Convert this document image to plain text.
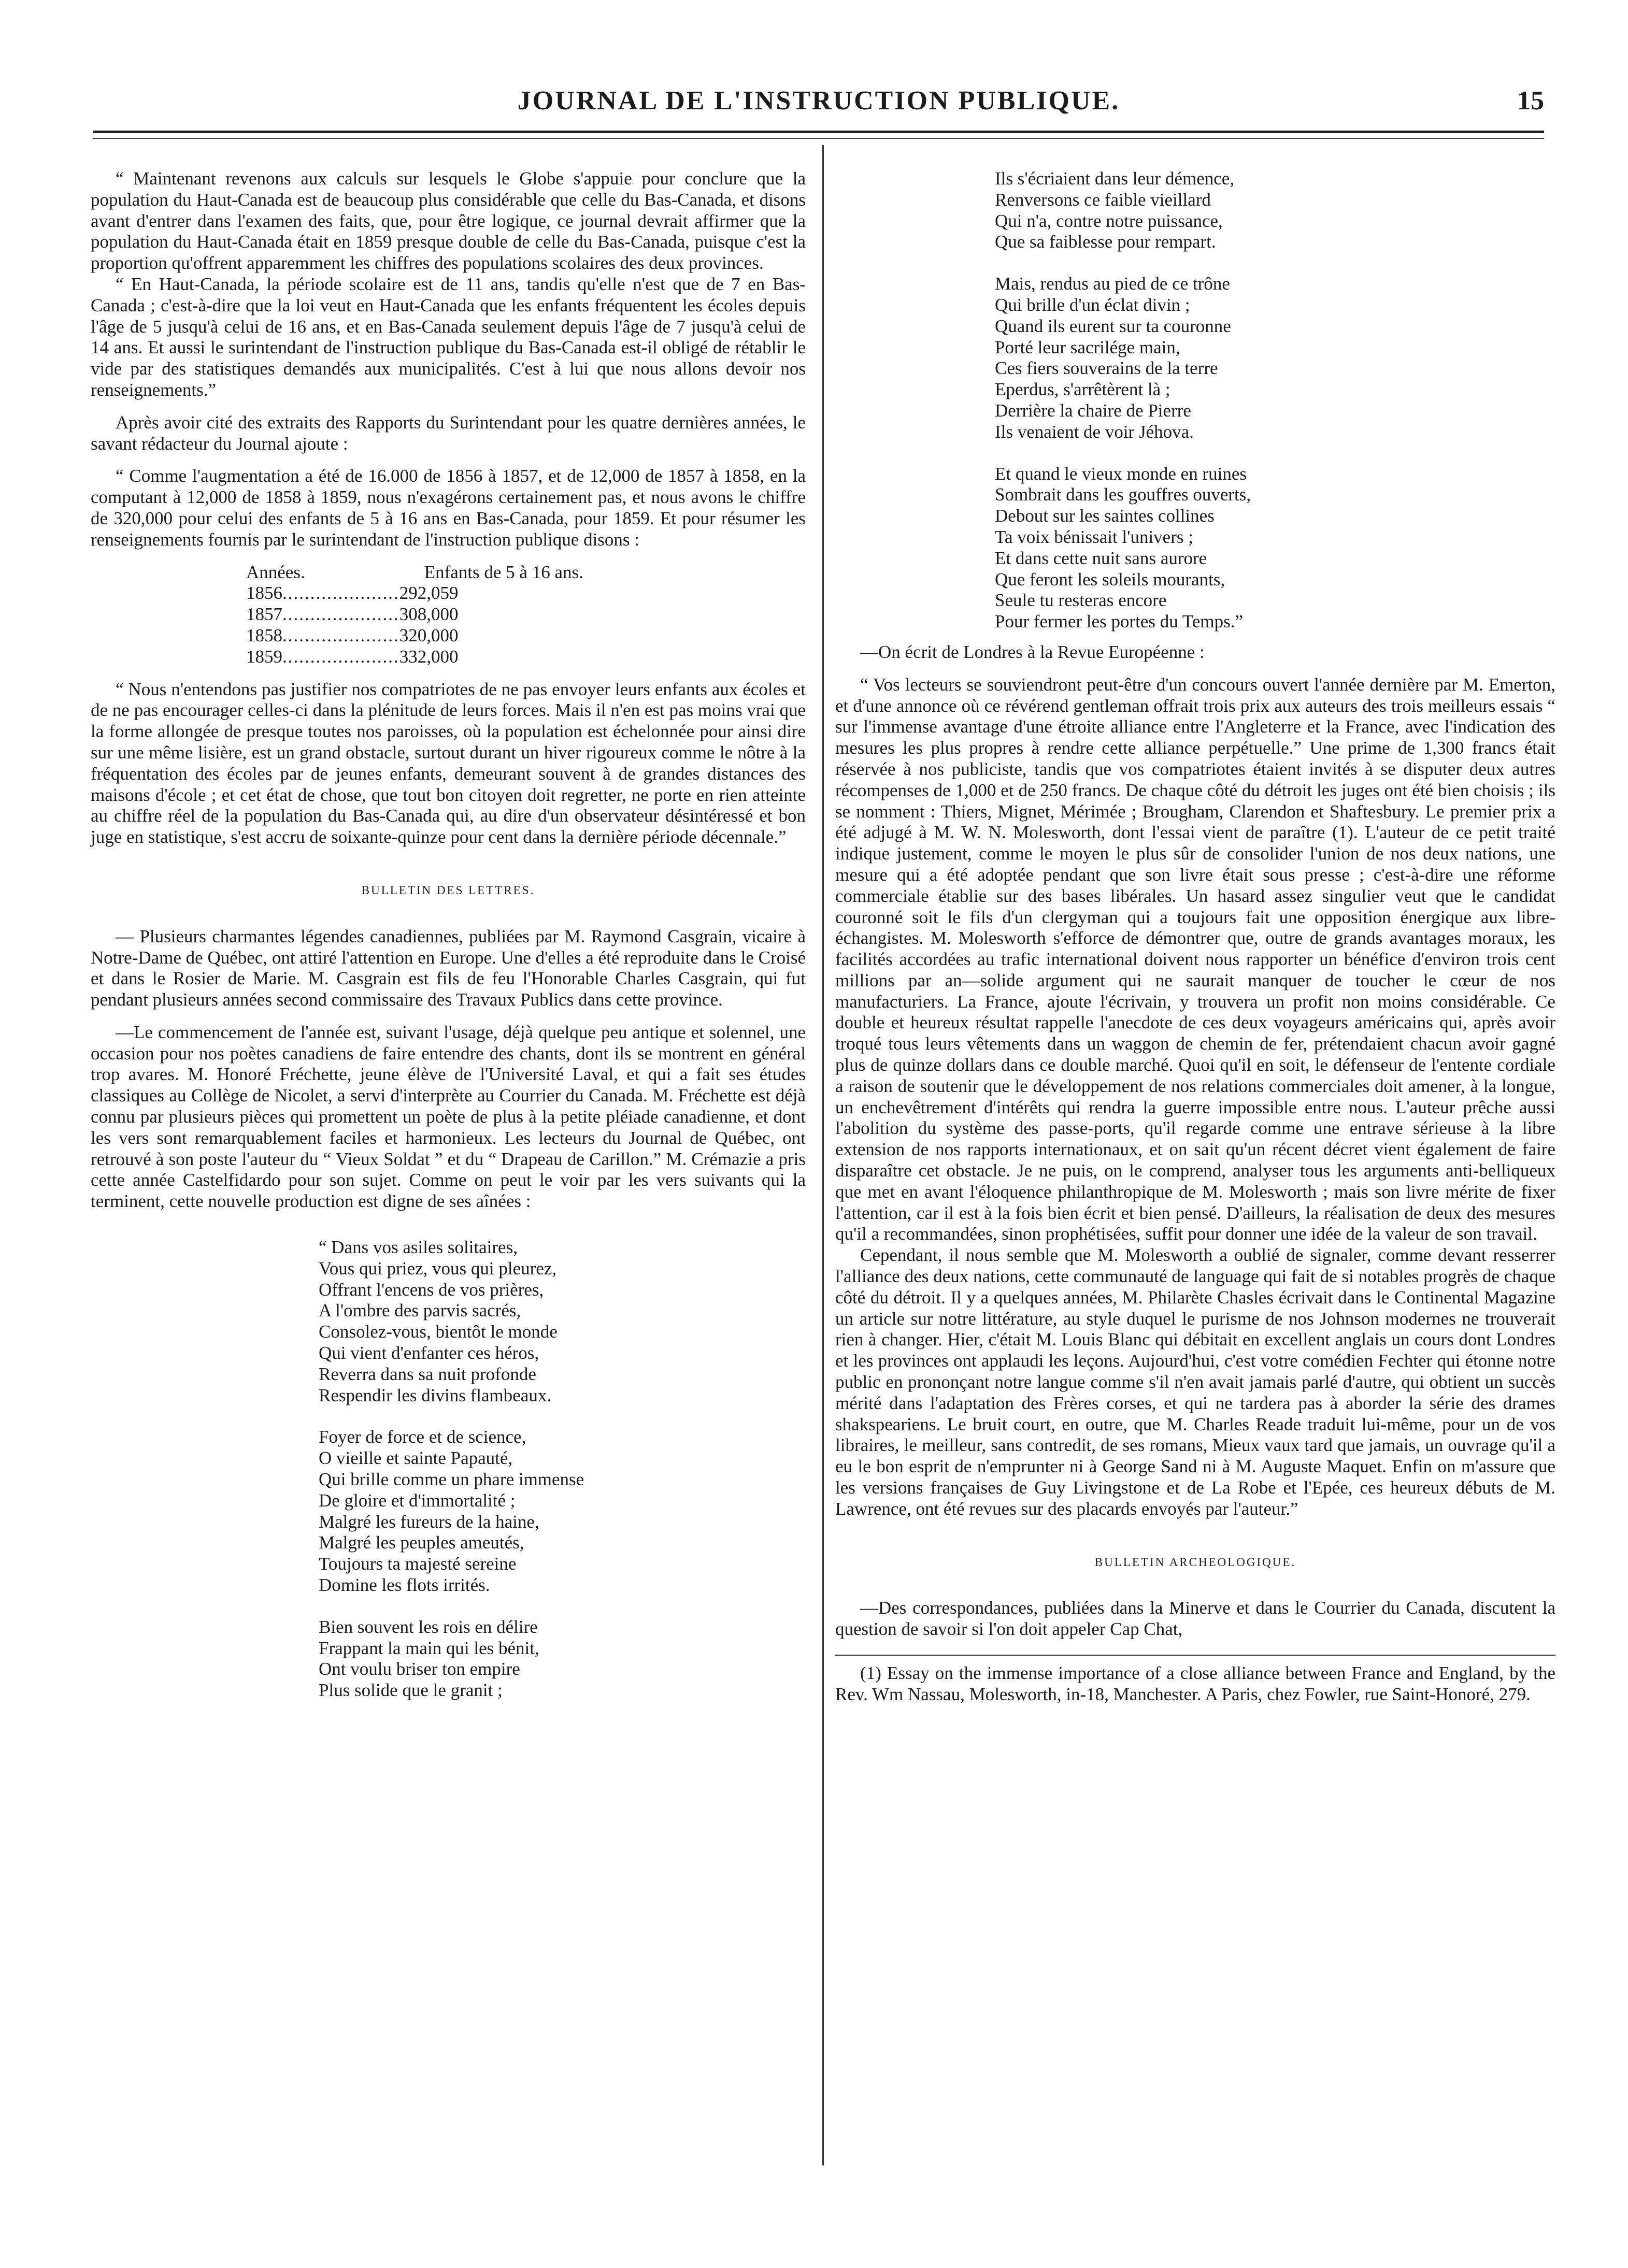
JOURNAL DE L'INSTRUCTION PUBLIQUE.	15

“ Maintenant revenons aux calculs sur lesquels le Globe s'appuie pour conclure que la population du Haut-Canada est de beaucoup plus considérable que celle du Bas-Canada, et disons avant d'entrer dans l'examen des faits, que, pour être logique, ce journal devrait affirmer que la population du Haut-Canada était en 1859 presque double de celle du Bas-Canada, puisque c'est la proportion qu'offrent apparemment les chiffres des populations scolaires des deux provinces.

“ En Haut-Canada, la période scolaire est de 11 ans, tandis qu'elle n'est que de 7 en Bas-Canada ; c'est-à-dire que la loi veut en Haut-Canada que les enfants fréquentent les écoles depuis l'âge de 5 jusqu'à celui de 16 ans, et en Bas-Canada seulement depuis l'âge de 7 jusqu'à celui de 14 ans. Et aussi le surintendant de l'instruction publique du Bas-Canada est-il obligé de rétablir le vide par des statistiques demandés aux municipalités. C'est à lui que nous allons devoir nos renseignements.”

Après avoir cité des extraits des Rapports du Surintendant pour les quatre dernières années, le savant rédacteur du Journal ajoute :

“ Comme l'augmentation a été de 16.000 de 1856 à 1857, et de 12,000 de 1857 à 1858, en la computant à 12,000 de 1858 à 1859, nous n'exagérons certainement pas, et nous avons le chiffre de 320,000 pour celui des enfants de 5 à 16 ans en Bas-Canada, pour 1859. Et pour résumer les renseignements fournis par le surintendant de l'instruction publique disons :

Années.	Enfants de 5 à 16 ans.
1856.....................292,059
1857.....................308,000
1858.....................320,000
1859.....................332,000

“ Nous n'entendons pas justifier nos compatriotes de ne pas envoyer leurs enfants aux écoles et de ne pas encourager celles-ci dans la plénitude de leurs forces. Mais il n'en est pas moins vrai que la forme allongée de presque toutes nos paroisses, où la population est échelonnée pour ainsi dire sur une même lisière, est un grand obstacle, surtout durant un hiver rigoureux comme le nôtre à la fréquentation des écoles par de jeunes enfants, demeurant souvent à de grandes distances des maisons d'école ; et cet état de chose, que tout bon citoyen doit regretter, ne porte en rien atteinte au chiffre réel de la population du Bas-Canada qui, au dire d'un observateur désintéressé et bon juge en statistique, s'est accru de soixante-quinze pour cent dans la dernière période décennale.”

BULLETIN DES LETTRES.

— Plusieurs charmantes légendes canadiennes, publiées par M. Raymond Casgrain, vicaire à Notre-Dame de Québec, ont attiré l'attention en Europe. Une d'elles a été reproduite dans le Croisé et dans le Rosier de Marie. M. Casgrain est fils de feu l'Honorable Charles Casgrain, qui fut pendant plusieurs années second commissaire des Travaux Publics dans cette province.

—Le commencement de l'année est, suivant l'usage, déjà quelque peu antique et solennel, une occasion pour nos poètes canadiens de faire entendre des chants, dont ils se montrent en général trop avares. M. Honoré Fréchette, jeune élève de l'Université Laval, et qui a fait ses études classiques au Collège de Nicolet, a servi d'interprète au Courrier du Canada. M. Fréchette est déjà connu par plusieurs pièces qui promettent un poète de plus à la petite pléiade canadienne, et dont les vers sont remarquablement faciles et harmonieux. Les lecteurs du Journal de Québec, ont retrouvé à son poste l'auteur du “ Vieux Soldat ” et du “ Drapeau de Carillon.” M. Crémazie a pris cette année Castelfidardo pour son sujet. Comme on peut le voir par les vers suivants qui la terminent, cette nouvelle production est digne de ses aînées :

“ Dans vos asiles solitaires,
Vous qui priez, vous qui pleurez,
Offrant l'encens de vos prières,
A l'ombre des parvis sacrés,
Consolez-vous, bientôt le monde
Qui vient d'enfanter ces héros,
Reverra dans sa nuit profonde
Respendir les divins flambeaux.
Foyer de force et de science,
O vieille et sainte Papauté,
Qui brille comme un phare immense
De gloire et d'immortalité ;
Malgré les fureurs de la haine,
Malgré les peuples ameutés,
Toujours ta majesté sereine
Domine les flots irrités.
Bien souvent les rois en délire
Frappant la main qui les bénit,
Ont voulu briser ton empire
Plus solide que le granit ;
Ils s'écriaient dans leur démence,
Renversons ce faible vieillard
Qui n'a, contre notre puissance,
Que sa faiblesse pour rempart.
Mais, rendus au pied de ce trône
Qui brille d'un éclat divin ;
Quand ils eurent sur ta couronne
Porté leur sacrilége main,
Ces fiers souverains de la terre
Eperdus, s'arrêtèrent là ;
Derrière la chaire de Pierre
Ils venaient de voir Jéhova.
Et quand le vieux monde en ruines
Sombrait dans les gouffres ouverts,
Debout sur les saintes collines
Ta voix bénissait l'univers ;
Et dans cette nuit sans aurore
Que feront les soleils mourants,
Seule tu resteras encore
Pour fermer les portes du Temps.”

—On écrit de Londres à la Revue Européenne :

“ Vos lecteurs se souviendront peut-être d'un concours ouvert l'année dernière par M. Emerton, et d'une annonce où ce révérend gentleman offrait trois prix aux auteurs des trois meilleurs essais “ sur l'immense avantage d'une étroite alliance entre l'Angleterre et la France, avec l'indication des mesures les plus propres à rendre cette alliance perpétuelle.” Une prime de 1,300 francs était réservée à nos publiciste, tandis que vos compatriotes étaient invités à se disputer deux autres récompenses de 1,000 et de 250 francs. De chaque côté du détroit les juges ont été bien choisis ; ils se nomment : Thiers, Mignet, Mérimée ; Brougham, Clarendon et Shaftesbury. Le premier prix a été adjugé à M. W. N. Molesworth, dont l'essai vient de paraître (1). L'auteur de ce petit traité indique justement, comme le moyen le plus sûr de consolider l'union de nos deux nations, une mesure qui a été adoptée pendant que son livre était sous presse ; c'est-à-dire une réforme commerciale établie sur des bases libérales. Un hasard assez singulier veut que le candidat couronné soit le fils d'un clergyman qui a toujours fait une opposition énergique aux libre-échangistes. M. Molesworth s'efforce de démontrer que, outre de grands avantages moraux, les facilités accordées au trafic international doivent nous rapporter un bénéfice d'environ trois cent millions par an—solide argument qui ne saurait manquer de toucher le cœur de nos manufacturiers. La France, ajoute l'écrivain, y trouvera un profit non moins considérable. Ce double et heureux résultat rappelle l'anecdote de ces deux voyageurs américains qui, après avoir troqué tous leurs vêtements dans un waggon de chemin de fer, prétendaient chacun avoir gagné plus de quinze dollars dans ce double marché. Quoi qu'il en soit, le défenseur de l'entente cordiale a raison de soutenir que le développement de nos relations commerciales doit amener, à la longue, un enchevêtrement d'intérêts qui rendra la guerre impossible entre nous. L'auteur prêche aussi l'abolition du système des passe-ports, qu'il regarde comme une entrave sérieuse à la libre extension de nos rapports internationaux, et on sait qu'un récent décret vient également de faire disparaître cet obstacle. Je ne puis, on le comprend, analyser tous les arguments anti-belliqueux que met en avant l'éloquence philanthropique de M. Molesworth ; mais son livre mérite de fixer l'attention, car il est à la fois bien écrit et bien pensé. D'ailleurs, la réalisation de deux des mesures qu'il a recommandées, sinon prophétisées, suffit pour donner une idée de la valeur de son travail.

Cependant, il nous semble que M. Molesworth a oublié de signaler, comme devant resserrer l'alliance des deux nations, cette communauté de language qui fait de si notables progrès de chaque côté du détroit. Il y a quelques années, M. Philarète Chasles écrivait dans le Continental Magazine un article sur notre littérature, au style duquel le purisme de nos Johnson modernes ne trouverait rien à changer. Hier, c'était M. Louis Blanc qui débitait en excellent anglais un cours dont Londres et les provinces ont applaudi les leçons. Aujourd'hui, c'est votre comédien Fechter qui étonne notre public en prononçant notre langue comme s'il n'en avait jamais parlé d'autre, qui obtient un succès mérité dans l'adaptation des Frères corses, et qui ne tardera pas à aborder la série des drames shakspeariens. Le bruit court, en outre, que M. Charles Reade traduit lui-même, pour un de vos libraires, le meilleur, sans contredit, de ses romans, Mieux vaux tard que jamais, un ouvrage qu'il a eu le bon esprit de n'emprunter ni à George Sand ni à M. Auguste Maquet. Enfin on m'assure que les versions françaises de Guy Livingstone et de La Robe et l'Epée, ces heureux débuts de M. Lawrence, ont été revues sur des placards envoyés par l'auteur.”

BULLETIN ARCHEOLOGIQUE.

—Des correspondances, publiées dans la Minerve et dans le Courrier du Canada, discutent la question de savoir si l'on doit appeler Cap Chat,

(1) Essay on the immense importance of a close alliance between France and England, by the Rev. Wm Nassau, Molesworth, in-18, Manchester. A Paris, chez Fowler, rue Saint-Honoré, 279.
